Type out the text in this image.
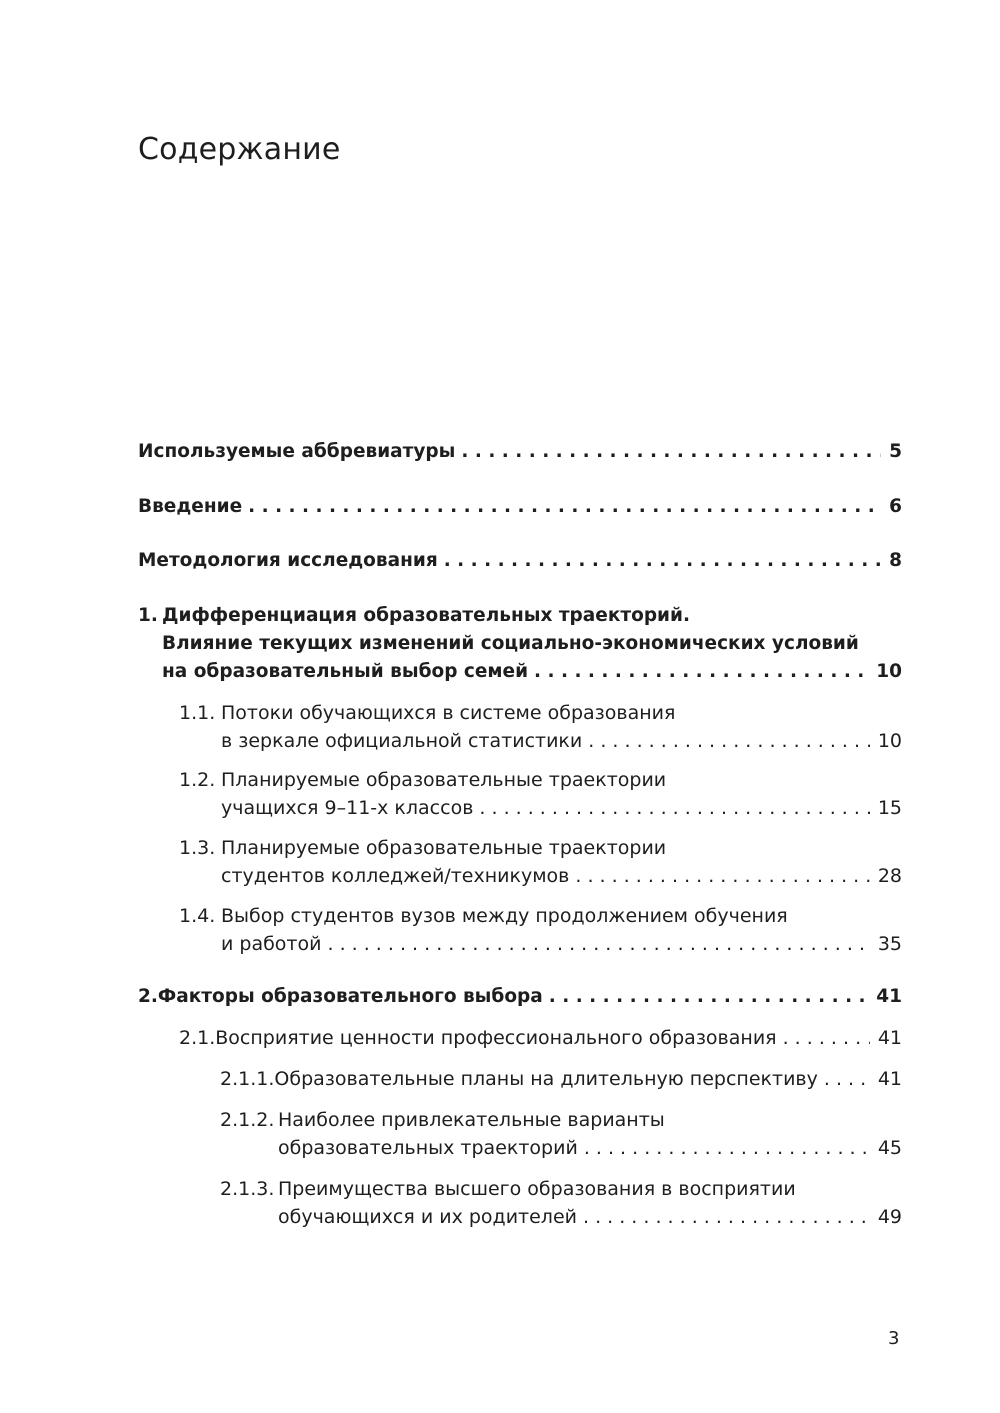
Содержание
Используемые аббревиатуры . . .	5
Введение . . .	6
Методология исследования . . .	8
1. Дифференциация образовательных траекторий.
Влияние текущих изменений социально-экономических условий
на образовательный выбор семей . . .	10
1.1. Потоки обучающихся в системе образования
в зеркале официальной статистики . . .	10
1.2. Планируемые образовательные траектории
учащихся 9–11-х классов . . .	15
1.3. Планируемые образовательные траектории
студентов колледжей/техникумов . . .	28
1.4. Выбор студентов вузов между продолжением обучения
и работой . . .	35
2. Факторы образовательного выбора . . .	41
2.1. Восприятие ценности профессионального образования . . .	41
2.1.1. Образовательные планы на длительную перспективу . . .	41
2.1.2. Наиболее привлекательные варианты
образовательных траекторий . . .	45
2.1.3. Преимущества высшего образования в восприятии
обучающихся и их родителей . . .	49
3
